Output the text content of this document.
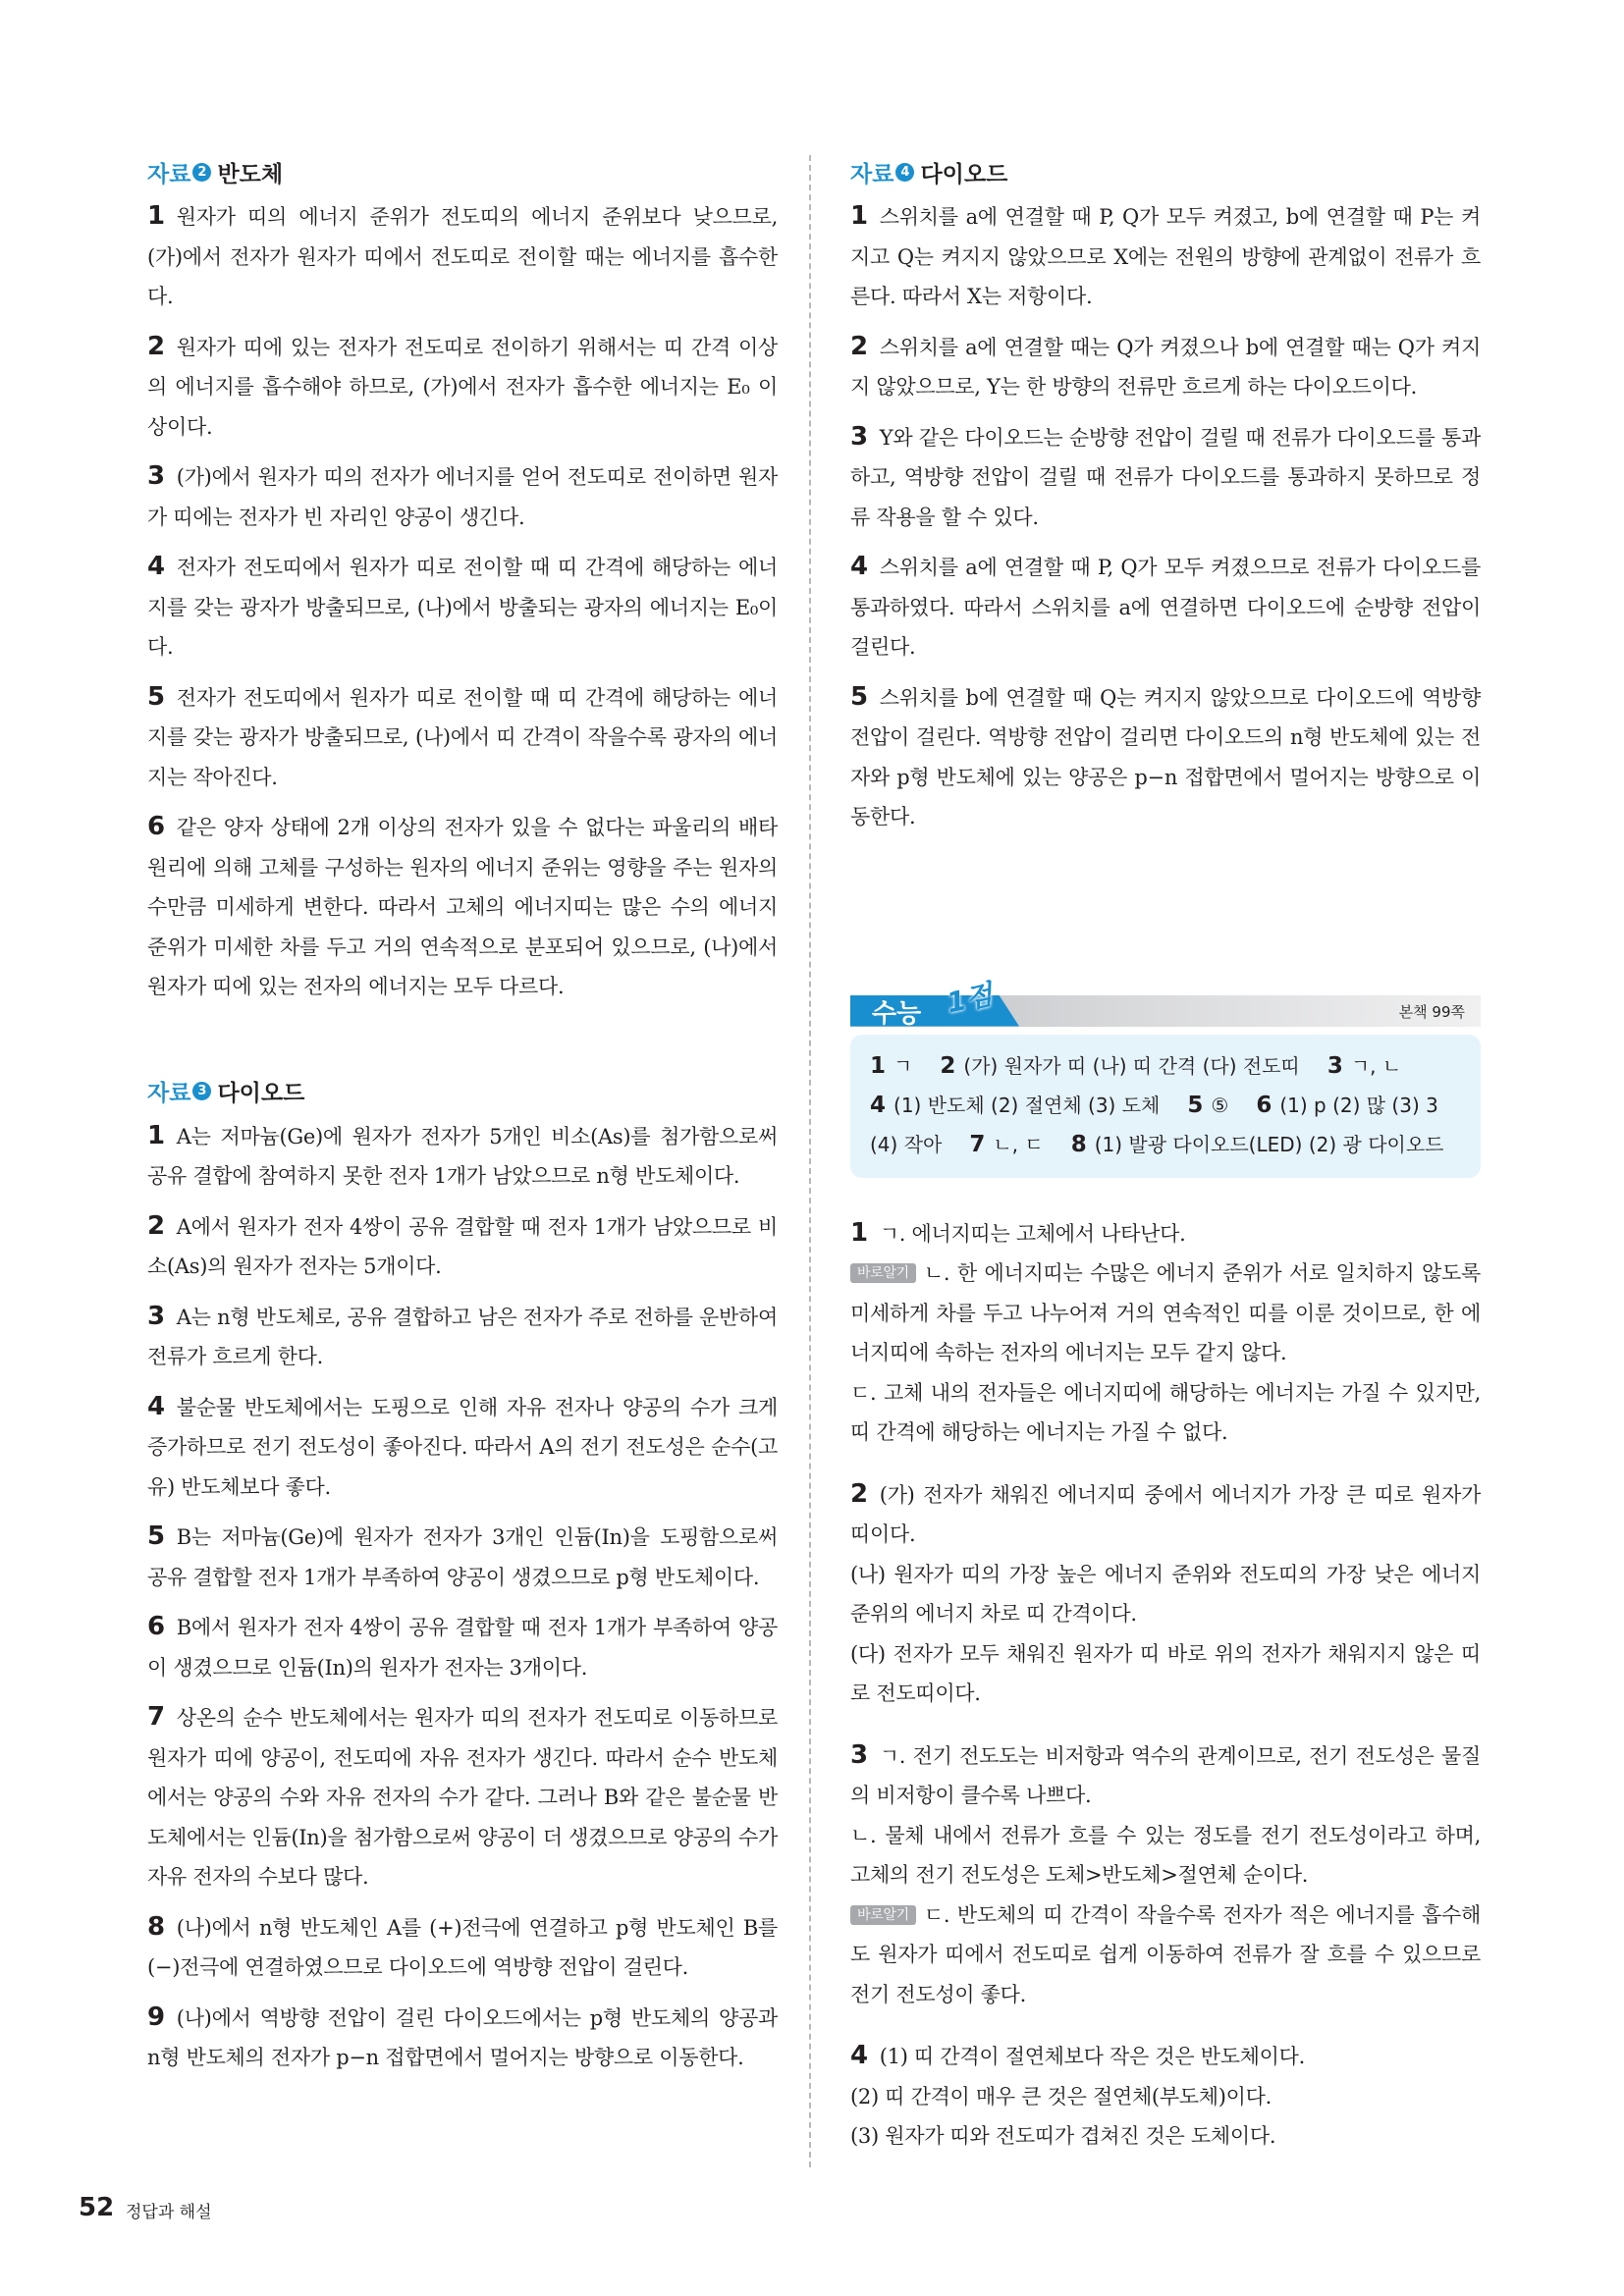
자료 2 반도체
1 원자가 띠의 에너지 준위가 전도띠의 에너지 준위보다 낮으므로, (가)에서 전자가 원자가 띠에서 전도띠로 전이할 때는 에너지를 흡수한다.
2 원자가 띠에 있는 전자가 전도띠로 전이하기 위해서는 띠 간격 이상의 에너지를 흡수해야 하므로, (가)에서 전자가 흡수한 에너지는 E₀ 이상이다.
3 (가)에서 원자가 띠의 전자가 에너지를 얻어 전도띠로 전이하면 원자가 띠에는 전자가 빈 자리인 양공이 생긴다.
4 전자가 전도띠에서 원자가 띠로 전이할 때 띠 간격에 해당하는 에너지를 갖는 광자가 방출되므로, (나)에서 방출되는 광자의 에너지는 E₀이다.
5 전자가 전도띠에서 원자가 띠로 전이할 때 띠 간격에 해당하는 에너지를 갖는 광자가 방출되므로, (나)에서 띠 간격이 작을수록 광자의 에너지는 작아진다.
6 같은 양자 상태에 2개 이상의 전자가 있을 수 없다는 파울리의 배타 원리에 의해 고체를 구성하는 원자의 에너지 준위는 영향을 주는 원자의 수만큼 미세하게 변한다. 따라서 고체의 에너지띠는 많은 수의 에너지 준위가 미세한 차를 두고 거의 연속적으로 분포되어 있으므로, (나)에서 원자가 띠에 있는 전자의 에너지는 모두 다르다.
자료 3 다이오드
1 A는 저마늄(Ge)에 원자가 전자가 5개인 비소(As)를 첨가함으로써 공유 결합에 참여하지 못한 전자 1개가 남았으므로 n형 반도체이다.
2 A에서 원자가 전자 4쌍이 공유 결합할 때 전자 1개가 남았으므로 비소(As)의 원자가 전자는 5개이다.
3 A는 n형 반도체로, 공유 결합하고 남은 전자가 주로 전하를 운반하여 전류가 흐르게 한다.
4 불순물 반도체에서는 도핑으로 인해 자유 전자나 양공의 수가 크게 증가하므로 전기 전도성이 좋아진다. 따라서 A의 전기 전도성은 순수(고유) 반도체보다 좋다.
5 B는 저마늄(Ge)에 원자가 전자가 3개인 인듐(In)을 도핑함으로써 공유 결합할 전자 1개가 부족하여 양공이 생겼으므로 p형 반도체이다.
6 B에서 원자가 전자 4쌍이 공유 결합할 때 전자 1개가 부족하여 양공이 생겼으므로 인듐(In)의 원자가 전자는 3개이다.
7 상온의 순수 반도체에서는 원자가 띠의 전자가 전도띠로 이동하므로 원자가 띠에 양공이, 전도띠에 자유 전자가 생긴다. 따라서 순수 반도체에서는 양공의 수와 자유 전자의 수가 같다. 그러나 B와 같은 불순물 반도체에서는 인듐(In)을 첨가함으로써 양공이 더 생겼으므로 양공의 수가 자유 전자의 수보다 많다.
8 (나)에서 n형 반도체인 A를 (+)전극에 연결하고 p형 반도체인 B를 (−)전극에 연결하였으므로 다이오드에 역방향 전압이 걸린다.
9 (나)에서 역방향 전압이 걸린 다이오드에서는 p형 반도체의 양공과 n형 반도체의 전자가 p−n 접합면에서 멀어지는 방향으로 이동한다.
자료 4 다이오드
1 스위치를 a에 연결할 때 P, Q가 모두 켜졌고, b에 연결할 때 P는 켜지고 Q는 켜지지 않았으므로 X에는 전원의 방향에 관계없이 전류가 흐른다. 따라서 X는 저항이다.
2 스위치를 a에 연결할 때는 Q가 켜졌으나 b에 연결할 때는 Q가 켜지지 않았으므로, Y는 한 방향의 전류만 흐르게 하는 다이오드이다.
3 Y와 같은 다이오드는 순방향 전압이 걸릴 때 전류가 다이오드를 통과하고, 역방향 전압이 걸릴 때 전류가 다이오드를 통과하지 못하므로 정류 작용을 할 수 있다.
4 스위치를 a에 연결할 때 P, Q가 모두 켜졌으므로 전류가 다이오드를 통과하였다. 따라서 스위치를 a에 연결하면 다이오드에 순방향 전압이 걸린다.
5 스위치를 b에 연결할 때 Q는 켜지지 않았으므로 다이오드에 역방향 전압이 걸린다. 역방향 전압이 걸리면 다이오드의 n형 반도체에 있는 전자와 p형 반도체에 있는 양공은 p−n 접합면에서 멀어지는 방향으로 이동한다.
수능 1점	본책 99쪽
1 ㄱ 2 (가) 원자가 띠 (나) 띠 간격 (다) 전도띠 3 ㄱ, ㄴ
4 (1) 반도체 (2) 절연체 (3) 도체 5 ⑤ 6 (1) p (2) 많 (3) 3
(4) 작아 7 ㄴ, ㄷ 8 (1) 발광 다이오드(LED) (2) 광 다이오드
1 ㄱ. 에너지띠는 고체에서 나타난다.
바로알기 ㄴ. 한 에너지띠는 수많은 에너지 준위가 서로 일치하지 않도록 미세하게 차를 두고 나누어져 거의 연속적인 띠를 이룬 것이므로, 한 에너지띠에 속하는 전자의 에너지는 모두 같지 않다.
ㄷ. 고체 내의 전자들은 에너지띠에 해당하는 에너지는 가질 수 있지만, 띠 간격에 해당하는 에너지는 가질 수 없다.
2 (가) 전자가 채워진 에너지띠 중에서 에너지가 가장 큰 띠로 원자가 띠이다.
(나) 원자가 띠의 가장 높은 에너지 준위와 전도띠의 가장 낮은 에너지 준위의 에너지 차로 띠 간격이다.
(다) 전자가 모두 채워진 원자가 띠 바로 위의 전자가 채워지지 않은 띠로 전도띠이다.
3 ㄱ. 전기 전도도는 비저항과 역수의 관계이므로, 전기 전도성은 물질의 비저항이 클수록 나쁘다.
ㄴ. 물체 내에서 전류가 흐를 수 있는 정도를 전기 전도성이라고 하며, 고체의 전기 전도성은 도체>반도체>절연체 순이다.
바로알기 ㄷ. 반도체의 띠 간격이 작을수록 전자가 적은 에너지를 흡수해도 원자가 띠에서 전도띠로 쉽게 이동하여 전류가 잘 흐를 수 있으므로 전기 전도성이 좋다.
4 (1) 띠 간격이 절연체보다 작은 것은 반도체이다.
(2) 띠 간격이 매우 큰 것은 절연체(부도체)이다.
(3) 원자가 띠와 전도띠가 겹쳐진 것은 도체이다.
52 정답과 해설
